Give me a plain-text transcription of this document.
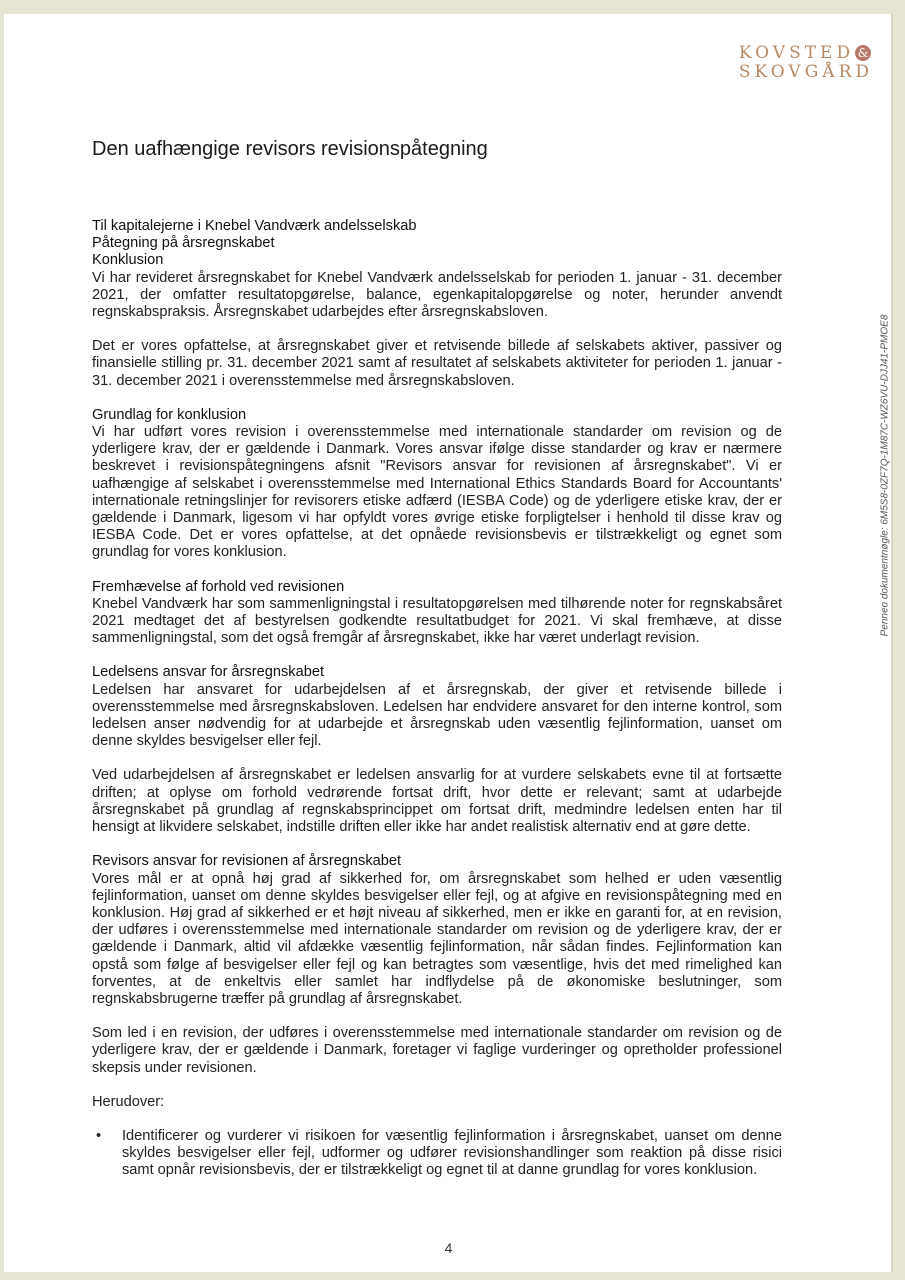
KOVSTED &
SKOVGÅRD
Den uafhængige revisors revisionspåtegning

Til kapitalejerne i Knebel Vandværk andelsselskab

Påtegning på årsregnskabet

Konklusion

Vi har revideret årsregnskabet for Knebel Vandværk andelsselskab for perioden 1. januar - 31. december 2021, der omfatter resultatopgørelse, balance, egenkapitalopgørelse og noter, herunder anvendt regnskabspraksis. Årsregnskabet udarbejdes efter årsregnskabsloven.

Det er vores opfattelse, at årsregnskabet giver et retvisende billede af selskabets aktiver, passiver og finansielle stilling pr. 31. december 2021 samt af resultatet af selskabets aktiviteter for perioden 1. januar - 31. december 2021 i overensstemmelse med årsregnskabsloven.

Grundlag for konklusion

Vi har udført vores revision i overensstemmelse med internationale standarder om revision og de yderligere krav, der er gældende i Danmark. Vores ansvar ifølge disse standarder og krav er nærmere beskrevet i revisionspåtegningens afsnit "Revisors ansvar for revisionen af årsregnskabet". Vi er uafhængige af selskabet i overensstemmelse med International Ethics Standards Board for Accountants' internationale retningslinjer for revisorers etiske adfærd (IESBA Code) og de yderligere etiske krav, der er gældende i Danmark, ligesom vi har opfyldt vores øvrige etiske forpligtelser i henhold til disse krav og IESBA Code. Det er vores opfattelse, at det opnåede revisionsbevis er tilstrækkeligt og egnet som grundlag for vores konklusion.

Fremhævelse af forhold ved revisionen

Knebel Vandværk har som sammenligningstal i resultatopgørelsen med tilhørende noter for regnskabsåret 2021 medtaget det af bestyrelsen godkendte resultatbudget for 2021. Vi skal fremhæve, at disse sammenligningstal, som det også fremgår af årsregnskabet, ikke har været underlagt revision.

Ledelsens ansvar for årsregnskabet

Ledelsen har ansvaret for udarbejdelsen af et årsregnskab, der giver et retvisende billede i overensstemmelse med årsregnskabsloven. Ledelsen har endvidere ansvaret for den interne kontrol, som ledelsen anser nødvendig for at udarbejde et årsregnskab uden væsentlig fejlinformation, uanset om denne skyldes besvigelser eller fejl.

Ved udarbejdelsen af årsregnskabet er ledelsen ansvarlig for at vurdere selskabets evne til at fortsætte driften; at oplyse om forhold vedrørende fortsat drift, hvor dette er relevant; samt at udarbejde årsregnskabet på grundlag af regnskabsprincippet om fortsat drift, medmindre ledelsen enten har til hensigt at likvidere selskabet, indstille driften eller ikke har andet realistisk alternativ end at gøre dette.

Revisors ansvar for revisionen af årsregnskabet

Vores mål er at opnå høj grad af sikkerhed for, om årsregnskabet som helhed er uden væsentlig fejlinformation, uanset om denne skyldes besvigelser eller fejl, og at afgive en revisionspåtegning med en konklusion. Høj grad af sikkerhed er et højt niveau af sikkerhed, men er ikke en garanti for, at en revision, der udføres i overensstemmelse med internationale standarder om revision og de yderligere krav, der er gældende i Danmark, altid vil afdække væsentlig fejlinformation, når sådan findes. Fejlinformation kan opstå som følge af besvigelser eller fejl og kan betragtes som væsentlige, hvis det med rimelighed kan forventes, at de enkeltvis eller samlet har indflydelse på de økonomiske beslutninger, som regnskabsbrugerne træffer på grundlag af årsregnskabet.

Som led i en revision, der udføres i overensstemmelse med internationale standarder om revision og de yderligere krav, der er gældende i Danmark, foretager vi faglige vurderinger og opretholder professionel skepsis under revisionen.

Herudover:

•	Identificerer og vurderer vi risikoen for væsentlig fejlinformation i årsregnskabet, uanset om denne skyldes besvigelser eller fejl, udformer og udfører revisionshandlinger som reaktion på disse risici samt opnår revisionsbevis, der er tilstrækkeligt og egnet til at danne grundlag for vores konklusion.
4
Penneo dokumentnøgle: 6M5S8-0ZF7Q-1M87C-WZ6VU-DJJ41-PMOE8
